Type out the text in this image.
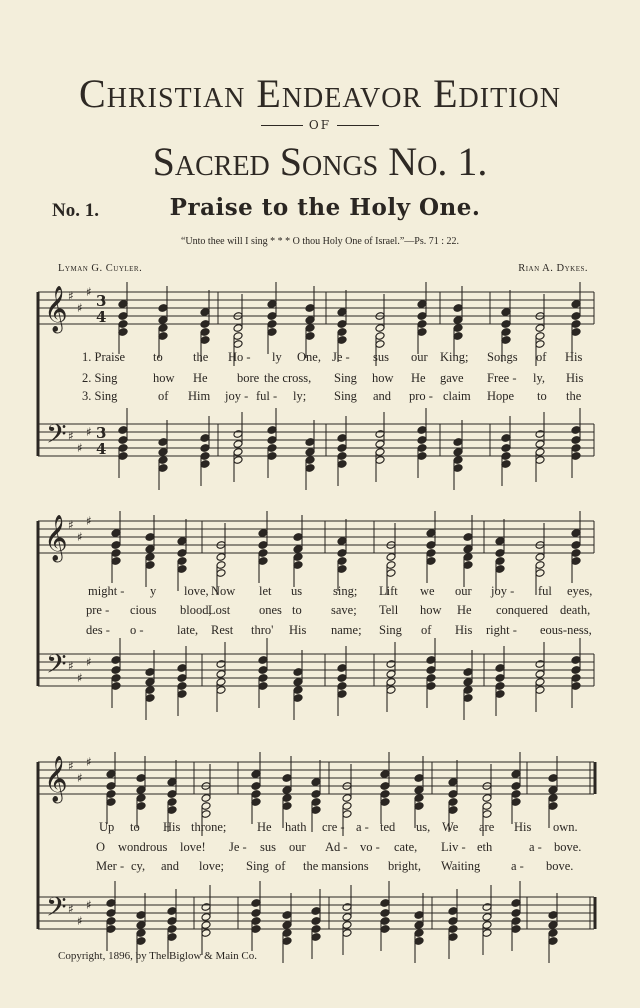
Christian Endeavor Edition
OF
Sacred Songs No. 1.
No. 1.	Praise to the Holy One.
“Unto thee will I sing * * * O thou Holy One of Israel.”—Ps. 71 : 22.
Lyman G. Cuyler.	Rian A. Dykes.
𝄞
𝄢
♯
♯
♯
♯
♯
♯
3
4
3
4
𝄞
𝄢
♯
♯
♯
♯
♯
♯
𝄞
𝄢
♯
♯
♯
♯
♯
♯
1. Praise to the Ho - ly One, Je - sus our King; Songs of His
2. Sing	how He bore the cross, Sing how He gave Free - ly, His
3. Sing	of Him joy - ful - ly; Sing and pro - claim Hope to the
might - y love, Now let us sing; Lift we our joy - ful eyes,
pre - cious blood,
Lost ones to save; Tell how He conquered death,
des - o -	late, Rest thro' His name; Sing of His right - eous-ness,
Up to His throne; He hath cre - a - ted us, We are His own.
O wondrous love! Je - sus our Ad - vo - cate, Liv - eth	a - bove.
Mer - cy, and love; Sing of the mansions bright, Waiting a - bove.
Copyright, 1896, by The Biglow & Main Co.
